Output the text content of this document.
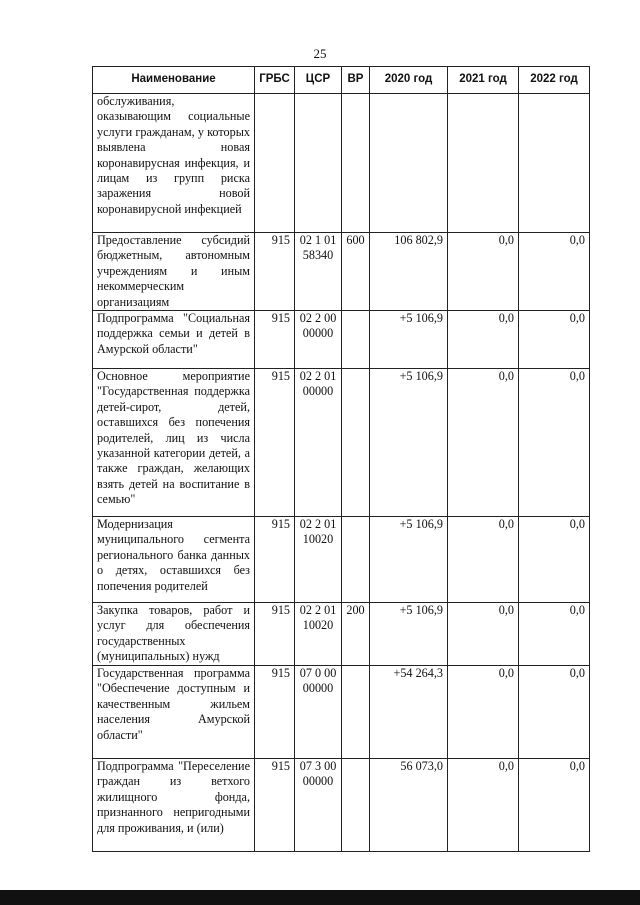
25
Наименование	ГРБС	ЦСР	ВР	2020 год	2021 год	2022 год
обслуживания, оказывающим социальные услуги гражданам, у которых выявлена новая коронавирусная инфекция, и лицам из групп риска заражения новой коронавирусной инфекцией						
Предоставление субсидий бюджетным, автономным учреждениям и иным некоммерческим организациям	915	02 1 01 58340	600	106 802,9	0,0	0,0
Подпрограмма "Социальная поддержка семьи и детей в Амурской области"	915	02 2 00 00000		+5 106,9	0,0	0,0
Основное мероприятие "Государственная поддержка детей-сирот, детей, оставшихся без попечения родителей, лиц из числа указанной категории детей, а также граждан, желающих взять детей на воспитание в семью"	915	02 2 01 00000		+5 106,9	0,0	0,0
Модернизация муниципального сегмента регионального банка данных о детях, оставшихся без попечения родителей	915	02 2 01 10020		+5 106,9	0,0	0,0
Закупка товаров, работ и услуг для обеспечения государственных (муниципальных) нужд	915	02 2 01 10020	200	+5 106,9	0,0	0,0
Государственная программа "Обеспечение доступным и качественным жильем населения Амурской области"	915	07 0 00 00000		+54 264,3	0,0	0,0
Подпрограмма "Переселение граждан из ветхого жилищного фонда, признанного непригодными для проживания, и (или)	915	07 3 00 00000		56 073,0	0,0	0,0
